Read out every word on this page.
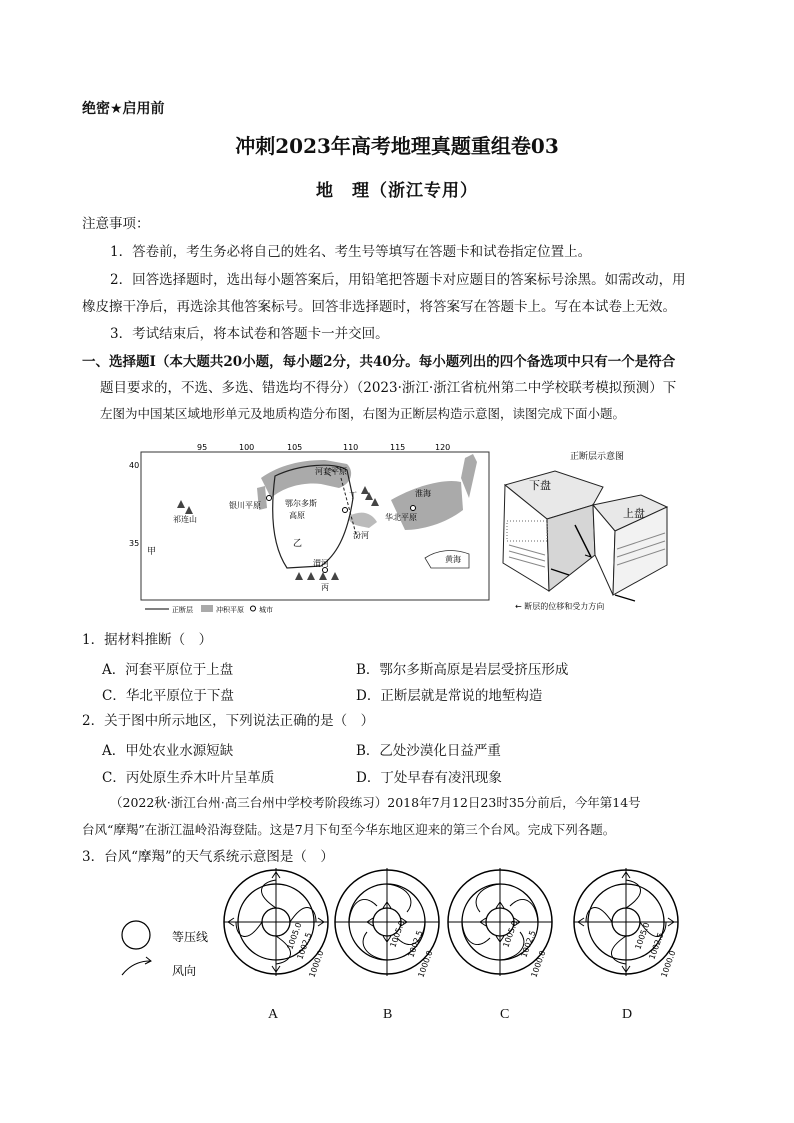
绝密★启用前
冲刺2023年高考地理真题重组卷03
地　理（浙江专用）
注意事项：
1．答卷前，考生务必将自己的姓名、考生号等填写在答题卡和试卷指定位置上。
2．回答选择题时，选出每小题答案后，用铅笔把答题卡对应题目的答案标号涂黑。如需改动，用
橡皮擦干净后，再选涂其他答案标号。回答非选择题时，将答案写在答题卡上。写在本试卷上无效。
3．考试结束后，将本试卷和答题卡一并交回。
一、选择题Ⅰ（本大题共20小题，每小题2分，共40分。每小题列出的四个备选项中只有一个是符合
题目要求的，不选、多选、错选均不得分）（2023·浙江·浙江省杭州第二中学校联考模拟预测）下
左图为中国某区域地形单元及地质构造分布图，右图为正断层构造示意图，读图完成下面小题。
95	100	105	110	115	120
40
35
河套平原
银川平原	鄂尔多斯
高原
祁连山
甲
乙
丙
丁
汾河
华北平原
渭河
淮海
黄海
正断层	冲积平原 城市
正断层示意图
下盘
上盘
← 断层的位移和受力方向
1．据材料推断（　）
A．河套平原位于上盘	B．鄂尔多斯高原是岩层受挤压形成
C．华北平原位于下盘	D．正断层就是常说的地堑构造
2．关于图中所示地区，下列说法正确的是（　）
A．甲处农业水源短缺	B．乙处沙漠化日益严重
C．丙处原生乔木叶片呈革质	D．丁处早春有凌汛现象
（2022秋·浙江台州·高三台州中学校考阶段练习）2018年7月12日23时35分前后，今年第14号
台风“摩羯”在浙江温岭沿海登陆。这是7月下旬至今华东地区迎来的第三个台风。完成下列各题。
3．台风“摩羯”的天气系统示意图是（　）
等压线
风向
1005.0
1002.5
1000.0
1005.0 1002.5
1000.0
1005.0 1002.5
1000.0
1005.0
1002.5
1000.0
A	B	C	D
